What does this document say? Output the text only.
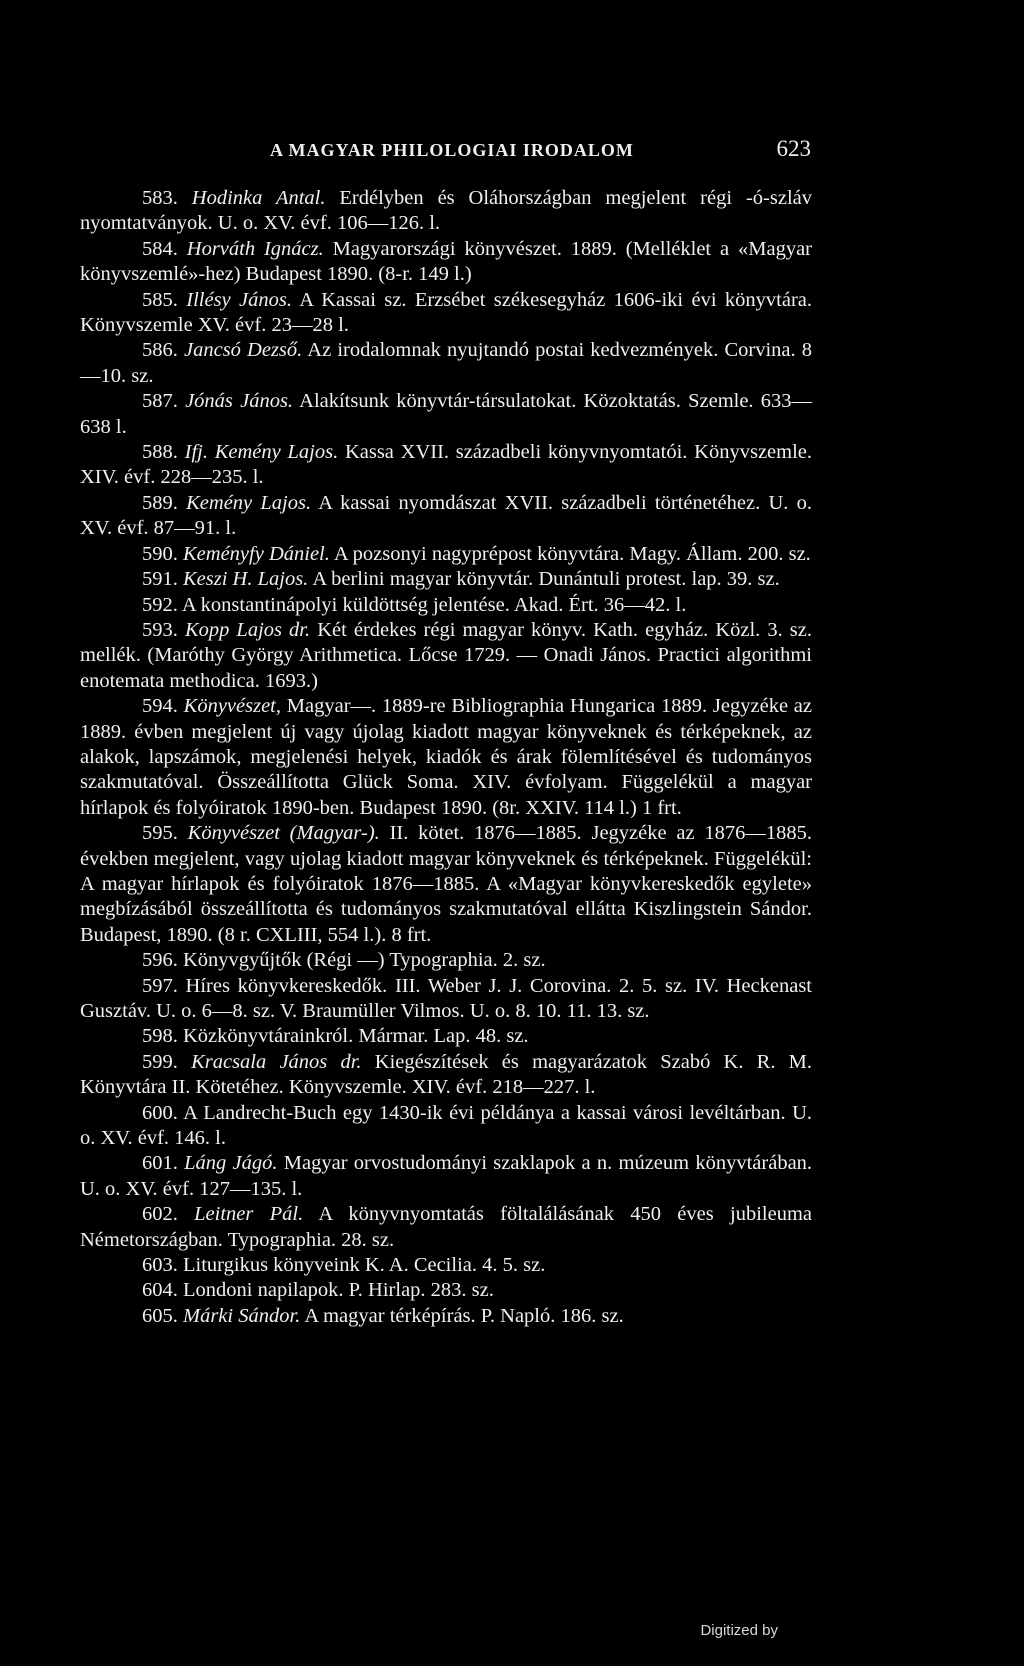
A MAGYAR PHILOLOGIAI IRODALOM	623

583. Hodinka Antal. Erdélyben és Oláhországban megjelent régi -ó-szláv nyomtatványok. U. o. XV. évf. 106—126. l.

584. Horváth Ignácz. Magyarországi könyvészet. 1889. (Melléklet a «Magyar könyvszemlé»-hez) Budapest 1890. (8-r. 149 l.)

585. Illésy János. A Kassai sz. Erzsébet székesegyház 1606-iki évi könyvtára. Könyvszemle XV. évf. 23—28 l.

586. Jancsó Dezső. Az irodalomnak nyujtandó postai kedvezmények. Corvina. 8—10. sz.

587. Jónás János. Alakítsunk könyvtár-társulatokat. Közoktatás. Szemle. 633—638 l.

588. Ifj. Kemény Lajos. Kassa XVII. századbeli könyvnyomtatói. Könyvszemle. XIV. évf. 228—235. l.

589. Kemény Lajos. A kassai nyomdászat XVII. századbeli történetéhez. U. o. XV. évf. 87—91. l.

590. Keményfy Dániel. A pozsonyi nagyprépost könyvtára. Magy. Állam. 200. sz.

591. Keszi H. Lajos. A berlini magyar könyvtár. Dunántuli protest. lap. 39. sz.

592. A konstantinápolyi küldöttség jelentése. Akad. Ért. 36—42. l.

593. Kopp Lajos dr. Két érdekes régi magyar könyv. Kath. egyház. Közl. 3. sz. mellék. (Maróthy György Arithmetica. Lőcse 1729. — Onadi János. Practici algorithmi enotemata methodica. 1693.)

594. Könyvészet, Magyar—. 1889-re Bibliographia Hungarica 1889. Jegyzéke az 1889. évben megjelent új vagy újolag kiadott magyar könyveknek és térképeknek, az alakok, lapszámok, megjelenési helyek, kiadók és árak fölemlítésével és tudományos szakmutatóval. Összeállította Glück Soma. XIV. évfolyam. Függelékül a magyar hírlapok és folyóiratok 1890-ben. Budapest 1890. (8r. XXIV. 114 l.) 1 frt.

595. Könyvészet (Magyar-). II. kötet. 1876—1885. Jegyzéke az 1876—1885. években megjelent, vagy ujolag kiadott magyar könyveknek és térképeknek. Függelékül: A magyar hírlapok és folyóiratok 1876—1885. A «Magyar könyvkereskedők egylete» megbízásából összeállította és tudományos szakmutatóval ellátta Kiszlingstein Sándor. Budapest, 1890. (8 r. CXLIII, 554 l.). 8 frt.

596. Könyvgyűjtők (Régi —) Typographia. 2. sz.

597. Híres könyvkereskedők. III. Weber J. J. Corovina. 2. 5. sz. IV. Heckenast Gusztáv. U. o. 6—8. sz. V. Braumüller Vilmos. U. o. 8. 10. 11. 13. sz.

598. Közkönyvtárainkról. Mármar. Lap. 48. sz.

599. Kracsala János dr. Kiegészítések és magyarázatok Szabó K. R. M. Könyvtára II. Kötetéhez. Könyvszemle. XIV. évf. 218—227. l.

600. A Landrecht-Buch egy 1430-ik évi példánya a kassai városi levéltárban. U. o. XV. évf. 146. l.

601. Láng Jágó. Magyar orvostudományi szaklapok a n. múzeum könyvtárában. U. o. XV. évf. 127—135. l.

602. Leitner Pál. A könyvnyomtatás föltalálásának 450 éves jubileuma Németországban. Typographia. 28. sz.

603. Liturgikus könyveink K. A. Cecilia. 4. 5. sz.

604. Londoni napilapok. P. Hirlap. 283. sz.

605. Márki Sándor. A magyar térképírás. P. Napló. 186. sz.

Digitized by
